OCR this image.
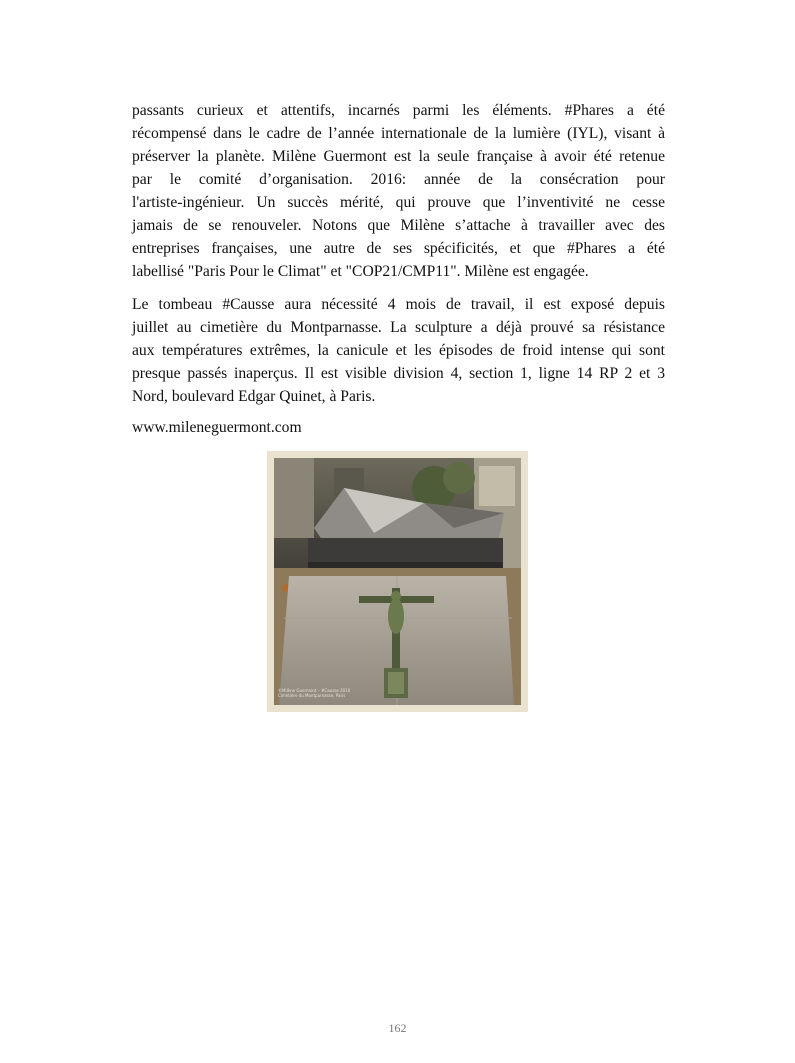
passants curieux et attentifs, incarnés parmi les éléments. #Phares a été
récompensé dans le cadre de l’année internationale de la lumière (IYL), visant à
préserver la planète. Milène Guermont est la seule française à avoir été retenue
par le comité d’organisation. 2016: année de la consécration pour
l'artiste-ingénieur. Un succès mérité, qui prouve que l’inventivité ne cesse
jamais de se renouveler. Notons que Milène s’attache à travailler avec des
entreprises françaises, une autre de ses spécificités, et que #Phares a été
labellisé "Paris Pour le Climat" et "COP21/CMP11". Milène est engagée.
Le tombeau #Causse aura nécessité 4 mois de travail, il est exposé depuis
juillet au cimetière du Montparnasse. La sculpture a déjà prouvé sa résistance
aux températures extrêmes, la canicule et les épisodes de froid intense qui sont
presque passés inaperçus. Il est visible division 4, section 1, ligne 14 RP 2 et 3
Nord, boulevard Edgar Quinet, à Paris.
www.mileneguermont.com
©Milène Guermont – #Causse 2016
Cimetière du Montparnasse, Paris
162
